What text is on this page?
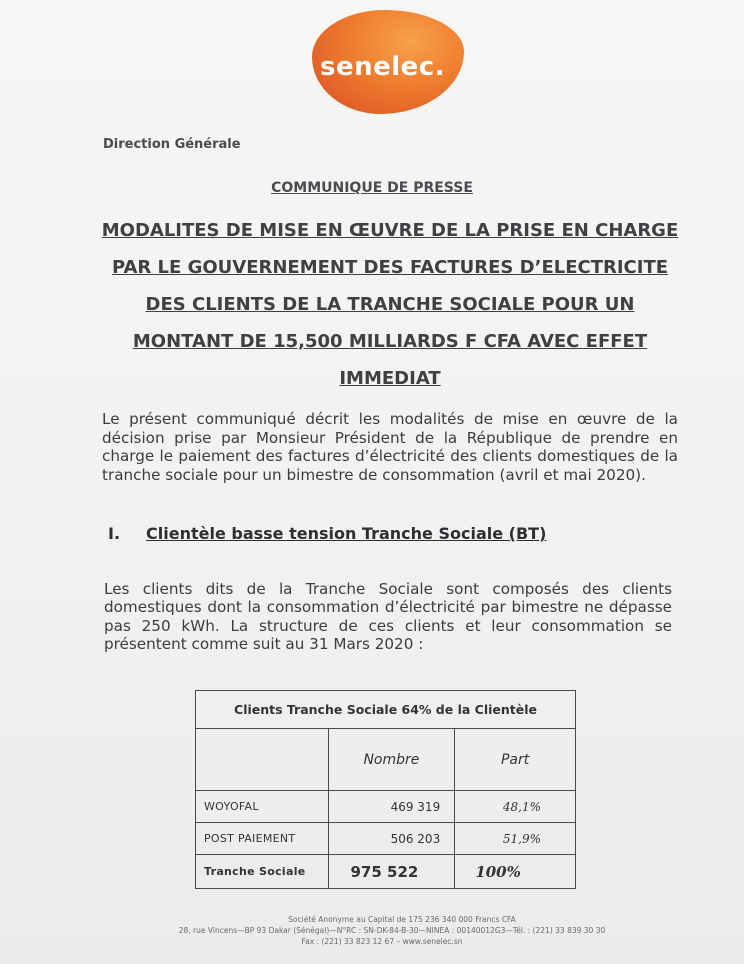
senelec.
Direction Générale
COMMUNIQUE DE PRESSE
MODALITES DE MISE EN ŒUVRE DE LA PRISE EN CHARGE PAR LE GOUVERNEMENT DES FACTURES D’ELECTRICITE DES CLIENTS DE LA TRANCHE SOCIALE POUR UN MONTANT DE 15,500 MILLIARDS F CFA AVEC EFFET IMMEDIAT
Le présent communiqué décrit les modalités de mise en œuvre de la décision prise par Monsieur Président de la République de prendre en charge le paiement des factures d’électricité des clients domestiques de la tranche sociale pour un bimestre de consommation (avril et mai 2020).
I. Clientèle basse tension Tranche Sociale (BT)
Les clients dits de la Tranche Sociale sont composés des clients domestiques dont la consommation d’électricité par bimestre ne dépasse pas 250 kWh. La structure de ces clients et leur consommation se présentent comme suit au 31 Mars 2020 :
Clients Tranche Sociale 64% de la Clientèle		
	Nombre	Part
WOYOFAL	469 319	48,1%
POST PAIEMENT	506 203	51,9%
Tranche Sociale	975 522	100%
Société Anonyme au Capital de 175 236 340 000 Francs CFA
28, rue Vincens—BP 93 Dakar (Sénégal)—N°RC : SN-DK-84-B-30—NINEA : 00140012G3—Tél. : (221) 33 839 30 30
Fax : (221) 33 823 12 67 – www.senelec.sn
